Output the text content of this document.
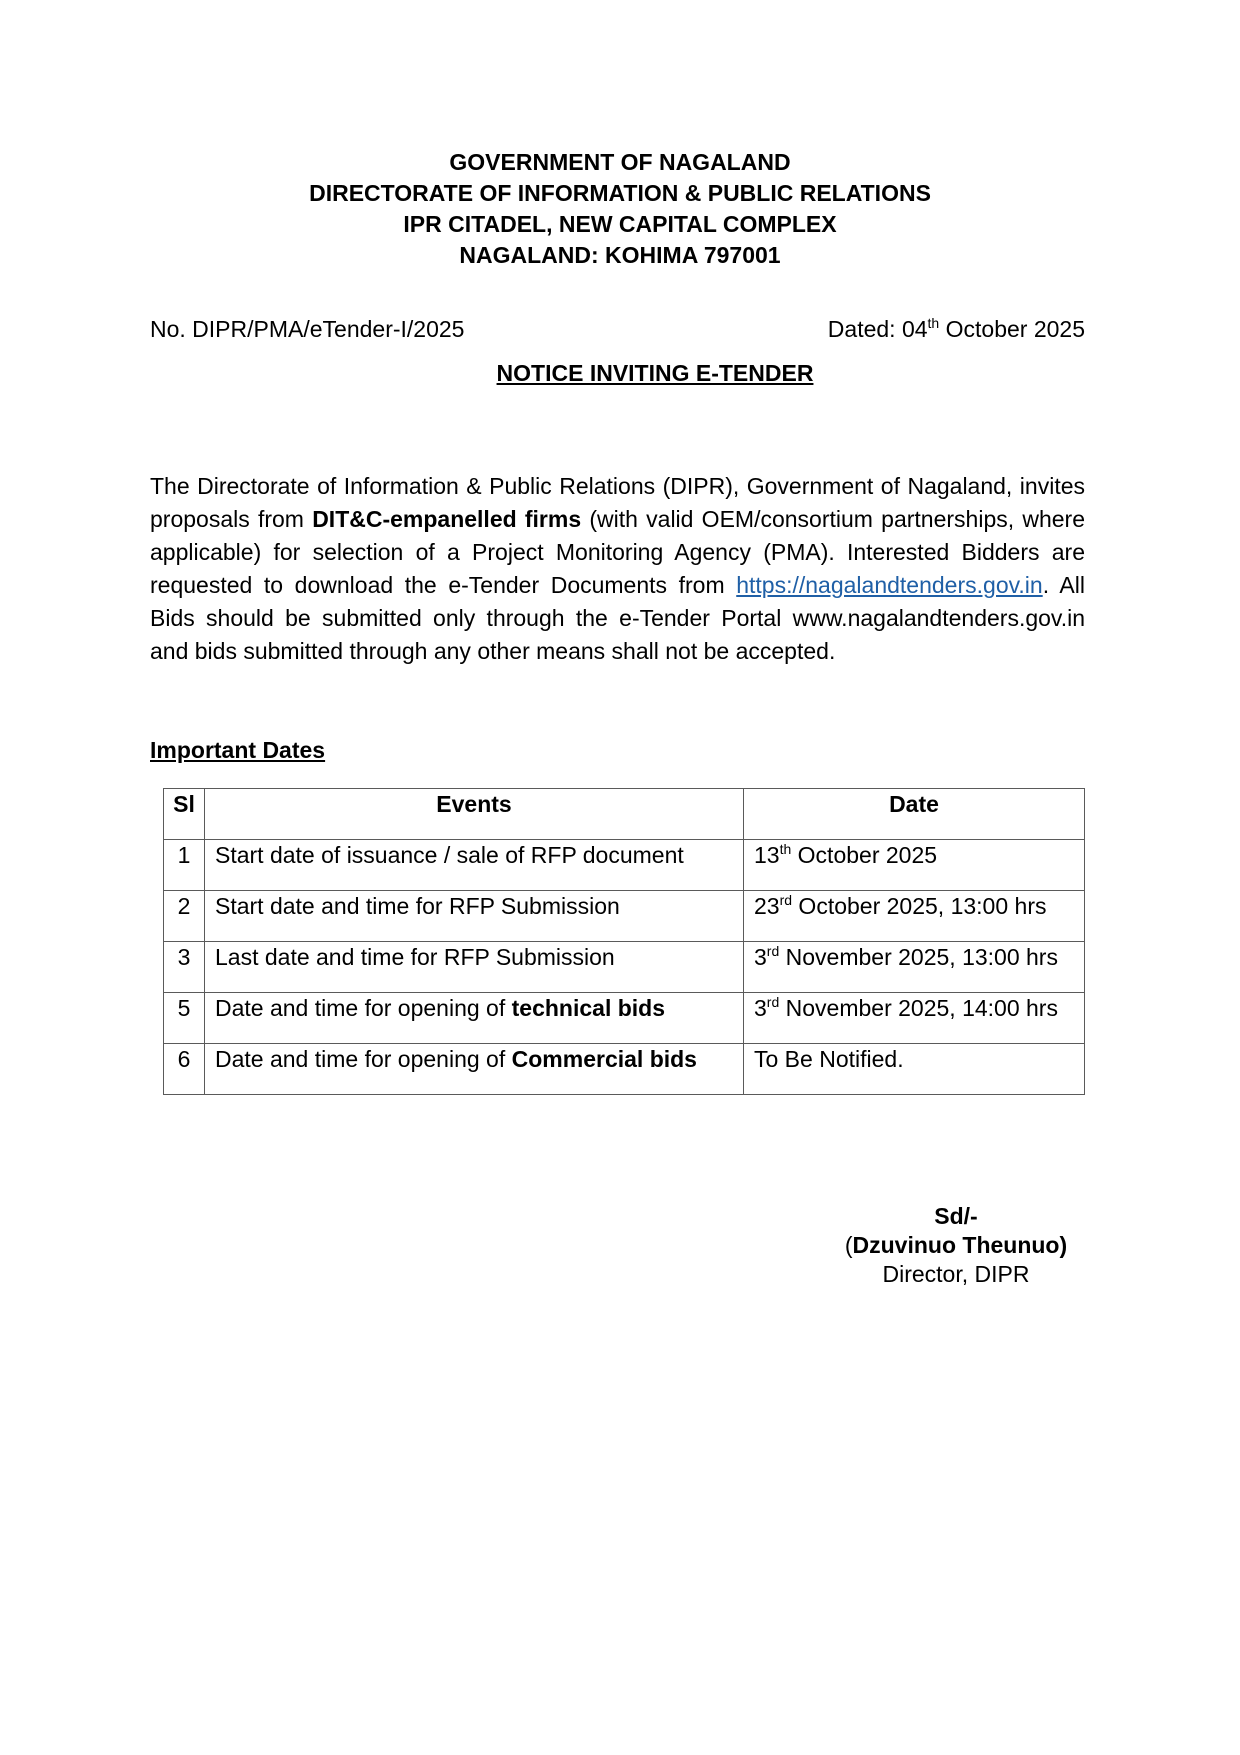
GOVERNMENT OF NAGALAND
DIRECTORATE OF INFORMATION & PUBLIC RELATIONS
IPR CITADEL, NEW CAPITAL COMPLEX
NAGALAND: KOHIMA 797001
No. DIPR/PMA/eTender-I/2025	Dated: 04th October 2025
NOTICE INVITING E-TENDER
The Directorate of Information & Public Relations (DIPR), Government of Nagaland, invites proposals from DIT&C-empanelled firms (with valid OEM/consortium partnerships, where applicable) for selection of a Project Monitoring Agency (PMA). Interested Bidders are requested to download the e-Tender Documents from https://nagalandtenders.gov.in. All Bids should be submitted only through the e-Tender Portal www.nagalandtenders.gov.in and bids submitted through any other means shall not be accepted.
Important Dates
Sl	Events	Date
1	Start date of issuance / sale of RFP document	13th October 2025
2	Start date and time for RFP Submission	23rd October 2025, 13:00 hrs
3	Last date and time for RFP Submission	3rd November 2025, 13:00 hrs
5	Date and time for opening of technical bids	3rd November 2025, 14:00 hrs
6	Date and time for opening of Commercial bids	To Be Notified.
Sd/-
(Dzuvinuo Theunuo)
Director, DIPR
